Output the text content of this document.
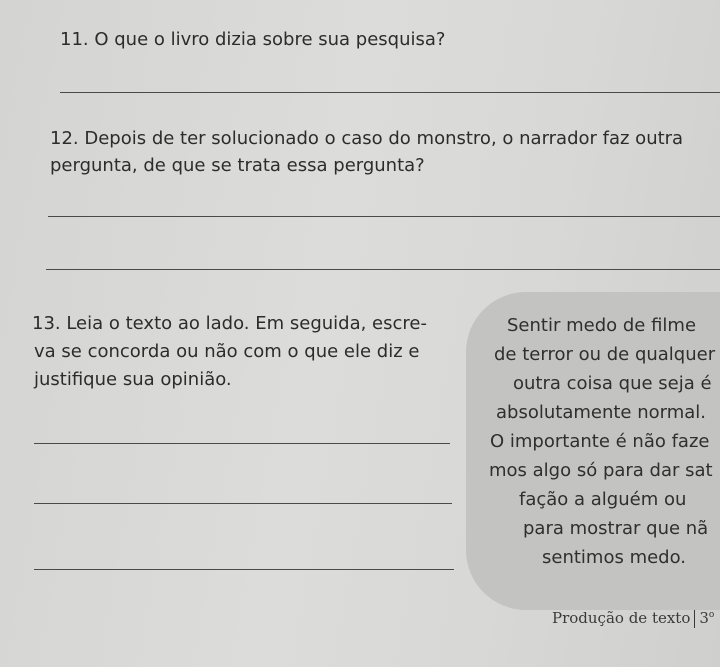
11. O que o livro dizia sobre sua pesquisa?
12. Depois de ter solucionado o caso do monstro, o narrador faz outra
pergunta, de que se trata essa pergunta?
Sentir medo de filme
de terror ou de qualquer
outra coisa que seja é
absolutamente normal.
O importante é não faze
mos algo só para dar sat
fação a alguém ou
para mostrar que nã
sentimos medo.
13. Leia o texto ao lado. Em seguida, escre-
va se concorda ou não com o que ele diz e
justifique sua opinião.
Produção de texto 3$^o$
